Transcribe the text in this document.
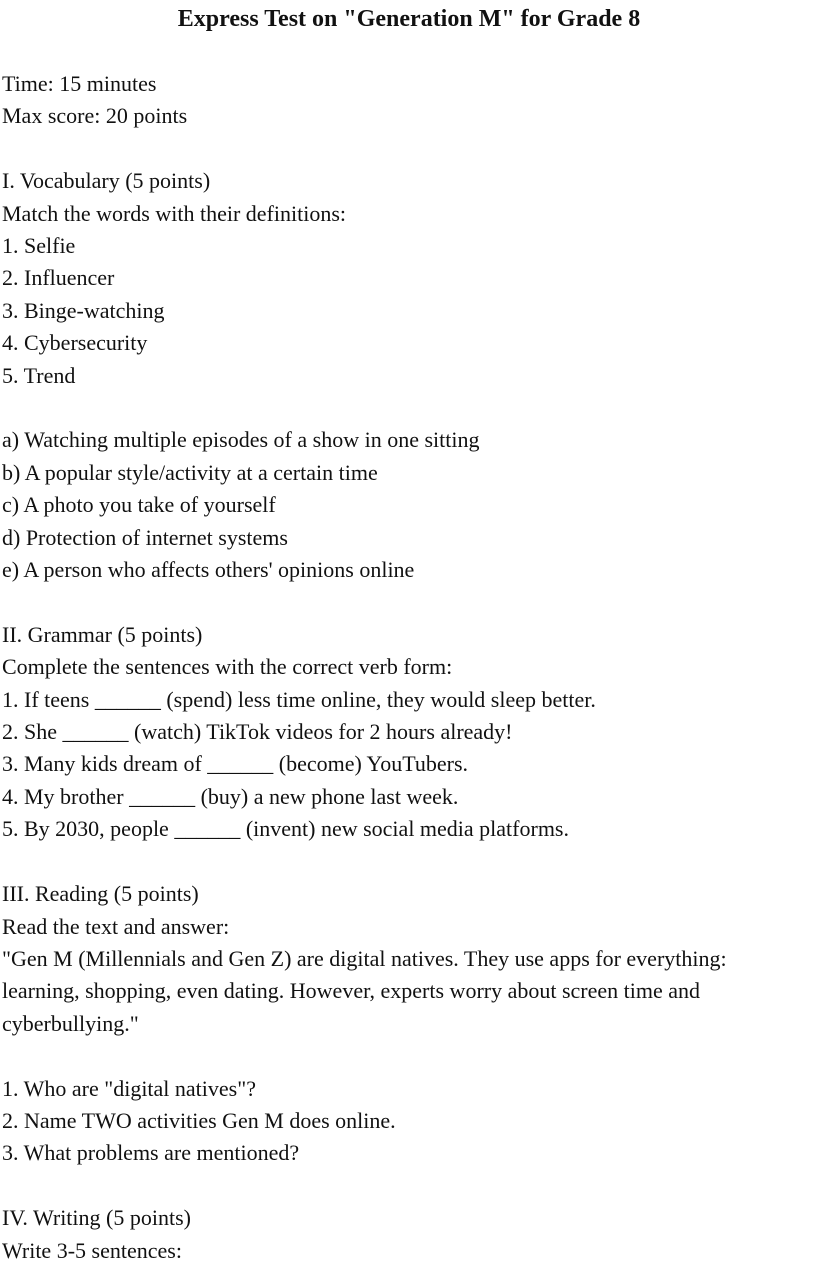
Express Test on "Generation M" for Grade 8
Time: 15 minutes
Max score: 20 points
I. Vocabulary (5 points)
Match the words with their definitions:
1. Selfie
2. Influencer
3. Binge-watching
4. Cybersecurity
5. Trend
a) Watching multiple episodes of a show in one sitting
b) A popular style/activity at a certain time
c) A photo you take of yourself
d) Protection of internet systems
e) A person who affects others' opinions online
II. Grammar (5 points)
Complete the sentences with the correct verb form:
1. If teens ______ (spend) less time online, they would sleep better.
2. She ______ (watch) TikTok videos for 2 hours already!
3. Many kids dream of ______ (become) YouTubers.
4. My brother ______ (buy) a new phone last week.
5. By 2030, people ______ (invent) new social media platforms.
III. Reading (5 points)
Read the text and answer:
"Gen M (Millennials and Gen Z) are digital natives. They use apps for everything:
learning, shopping, even dating. However, experts worry about screen time and
cyberbullying."
1. Who are "digital natives"?
2. Name TWO activities Gen M does online.
3. What problems are mentioned?
IV. Writing (5 points)
Write 3-5 sentences:
